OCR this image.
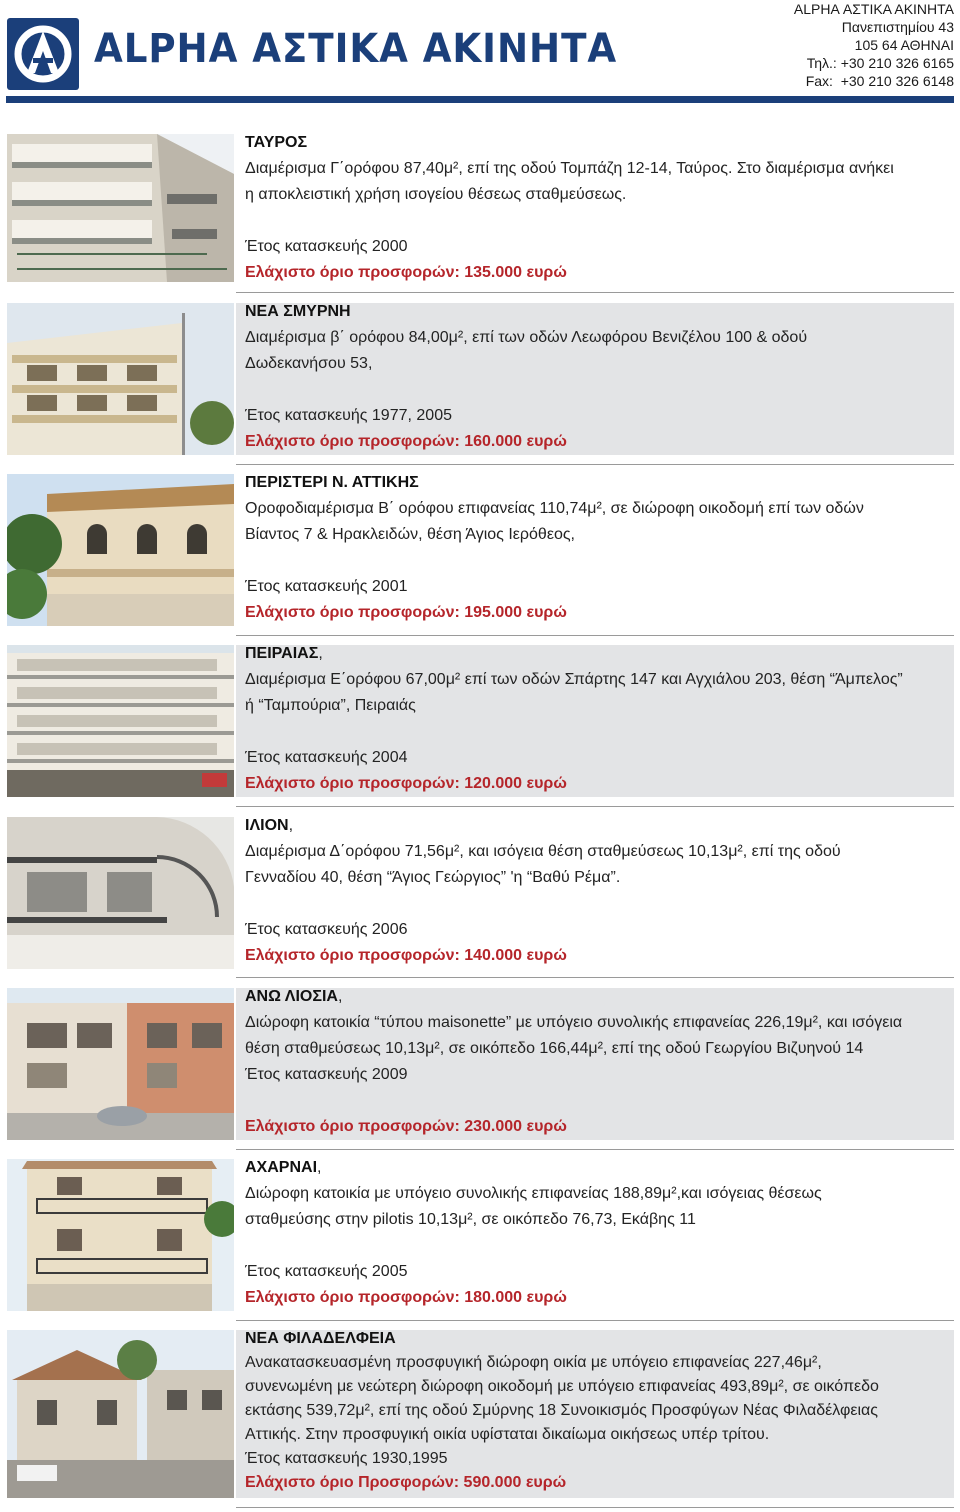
ALPHA ΑΣΤΙΚΑ ΑΚΙΝΗΤΑ
ALPHA ΑΣΤΙΚΑ ΑΚΙΝΗΤΑ
Πανεπιστημίου 43
105 64 ΑΘΗΝΑΙ
Τηλ.: +30 210 326 6165
Fax:  +30 210 326 6148

ΤΑΥΡΟΣ

Διαμέρισμα Γ΄ορόφου 87,40μ², επί της οδού Τομπάζη 12-14, Ταύρος. Στο διαμέρισμα ανήκει

η αποκλειστική χρήση ισογείου θέσεως σταθμεύσεως.

Έτος κατασκευής 2000

Ελάχιστο όριο προσφορών: 135.000 ευρώ

ΝΕΑ ΣΜΥΡΝΗ

Διαμέρισμα β΄ ορόφου 84,00μ², επί των οδών Λεωφόρου Βενιζέλου 100 & οδού

Δωδεκανήσου 53,

Έτος κατασκευής 1977, 2005

Ελάχιστο όριο προσφορών: 160.000 ευρώ

ΠΕΡΙΣΤΕΡΙ Ν. ΑΤΤΙΚΗΣ

Οροφοδιαμέρισμα Β΄ ορόφου επιφανείας 110,74μ², σε διώροφη οικοδομή επί των οδών

Βίαντος 7 & Ηρακλειδών, θέση Άγιος Ιερόθεος,

Έτος κατασκευής 2001

Ελάχιστο όριο προσφορών: 195.000 ευρώ

ΠΕΙΡΑΙΑΣ,

Διαμέρισμα Ε΄ορόφου 67,00μ² επί των οδών Σπάρτης 147 και Αγχιάλου 203, θέση “Άμπελος”

ή “Ταμπούρια”, Πειραιάς

Έτος κατασκευής 2004

Ελάχιστο όριο προσφορών: 120.000 ευρώ

ΙΛΙΟΝ,

Διαμέρισμα Δ΄ορόφου 71,56μ², και ισόγεια θέση σταθμεύσεως 10,13μ², επί της οδού

Γενναδίου 40, θέση “Άγιος Γεώργιος” 'η “Βαθύ Ρέμα”.

Έτος κατασκευής 2006

Ελάχιστο όριο προσφορών: 140.000 ευρώ

ΑΝΩ ΛΙΟΣΙΑ,

Διώροφη κατοικία “τύπου maisonette” με υπόγειο συνολικής επιφανείας 226,19μ², και ισόγεια

θέση σταθμεύσεως 10,13μ², σε οικόπεδο 166,44μ², επί της οδού Γεωργίου Βιζυηνού 14

Έτος κατασκευής 2009

Ελάχιστο όριο προσφορών: 230.000 ευρώ

ΑΧΑΡΝΑΙ,

Διώροφη κατοικία με υπόγειο συνολικής επιφανείας 188,89μ²,και ισόγειας θέσεως

σταθμεύσης στην pilotis 10,13μ², σε οικόπεδο 76,73, Εκάβης 11

Έτος κατασκευής 2005

Ελάχιστο όριο προσφορών: 180.000 ευρώ

ΝΕΑ ΦΙΛΑΔΕΛΦΕΙΑ

Ανακατασκευασμένη προσφυγική διώροφη οικία με υπόγειο επιφανείας 227,46μ²,

συνενωμένη με νεώτερη διώροφη οικοδομή με υπόγειο επιφανείας 493,89μ², σε οικόπεδο

εκτάσης 539,72μ², επί της οδού Σμύρνης 18 Συνοικισμός Προσφύγων Νέας Φιλαδέλφειας

Αττικής. Στην προσφυγική οικία υφίσταται δικαίωμα οικήσεως υπέρ τρίτου.

Έτος κατασκευής 1930,1995

Ελάχιστο όριο Προσφορών: 590.000 ευρώ
